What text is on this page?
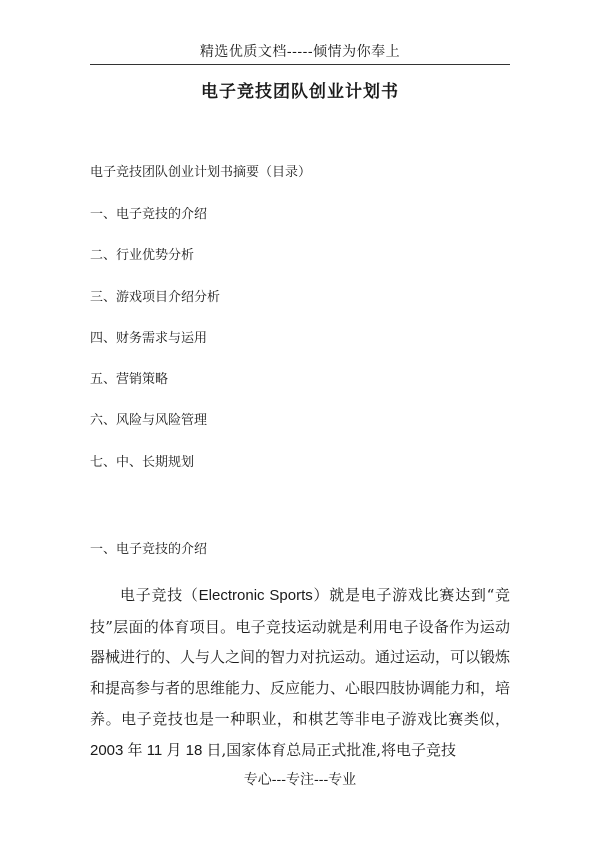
精选优质文档-----倾情为你奉上
电子竞技团队创业计划书
电子竞技团队创业计划书摘要（目录）
一、电子竞技的介绍
二、行业优势分析
三、游戏项目介绍分析
四、财务需求与运用
五、营销策略
六、风险与风险管理
七、中、长期规划
一、电子竞技的介绍

电子竞技（Electronic Sports）就是电子游戏比赛达到“竞技”层面的体育项目。电子竞技运动就是利用电子设备作为运动器械进行的、人与人之间的智力对抗运动。通过运动，可以锻炼和提高参与者的思维能力、反应能力、心眼四肢协调能力和，培养。电子竞技也是一种职业，和棋艺等非电子游戏比赛类似，2003 年 11 月 18 日,国家体育总局正式批准,将电子竞技

专心---专注---专业
